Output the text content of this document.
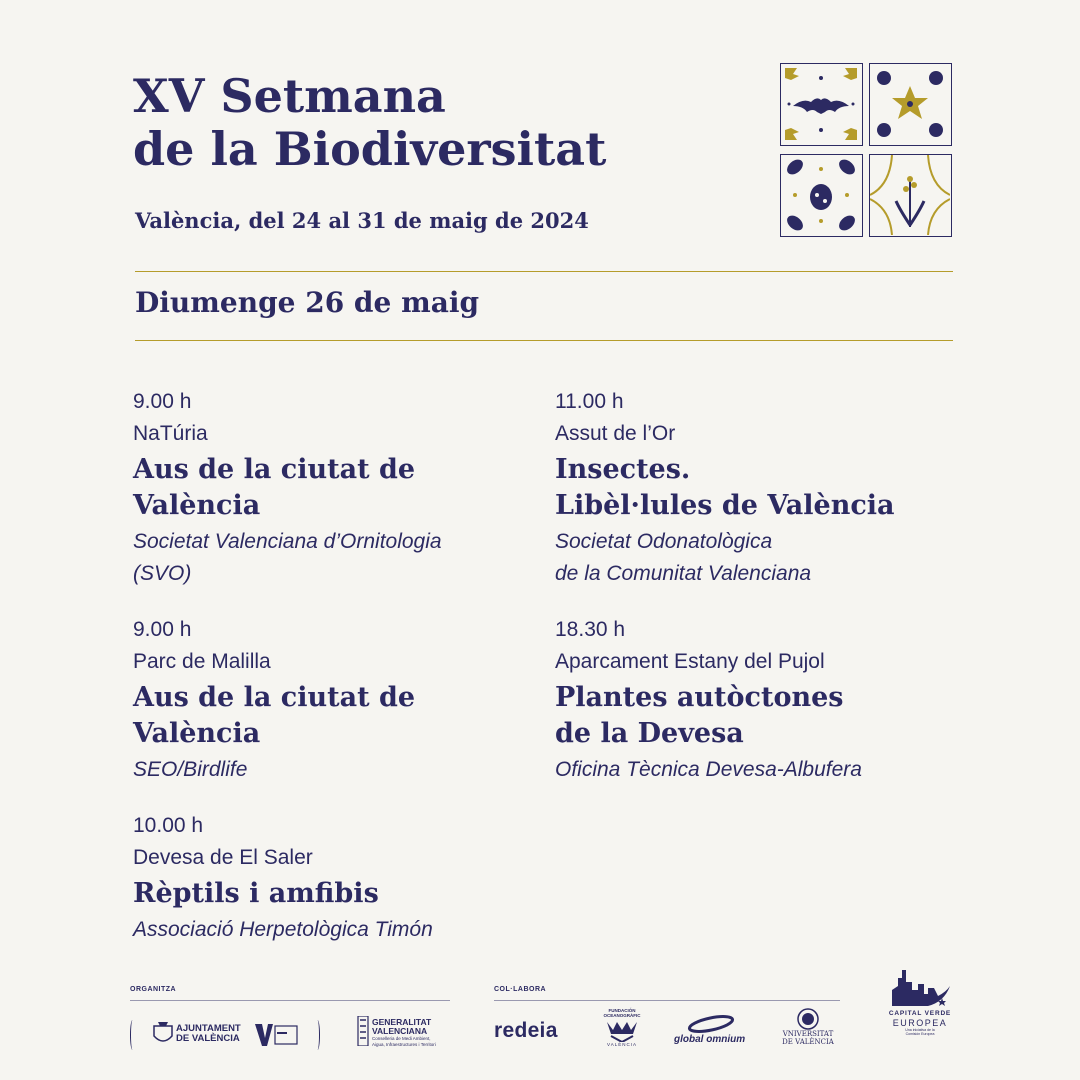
XV Setmana
de la Biodiversitat

València, del 24 al 31 de maig de 2024

Diumenge 26 de maig
9.00 h
NaTúria
Aus de la ciutat de València
Societat Valenciana d’Ornitologia
(SVO)
9.00 h
Parc de Malilla
Aus de la ciutat de València
SEO/Birdlife
10.00 h
Devesa de El Saler
Rèptils i amfibis
Associació Herpetològica Timón
11.00 h
Assut de l’Or
Insectes.
Libèl·lules de València
Societat Odonatològica
de la Comunitat Valenciana
18.30 h
Aparcament Estany del Pujol
Plantes autòctones
de la Devesa
Oficina Tècnica Devesa-Albufera
ORGANITZA	COL·LABORA
AJUNTAMENT
DE VALÈNCIA
GENERALITAT
VALENCIANA
Conselleria de Medi Ambient,
Aigua, Infraestructures i Territori
redeia
FUNDACIÓN
OCEANOGRÀFIC
VALÈNCIA	global omnium	VNIVERSITAT
DE VALÈNCIA
CAPITAL VERDE
EUROPEA
Una iniciativa de la
Comisión Europea
